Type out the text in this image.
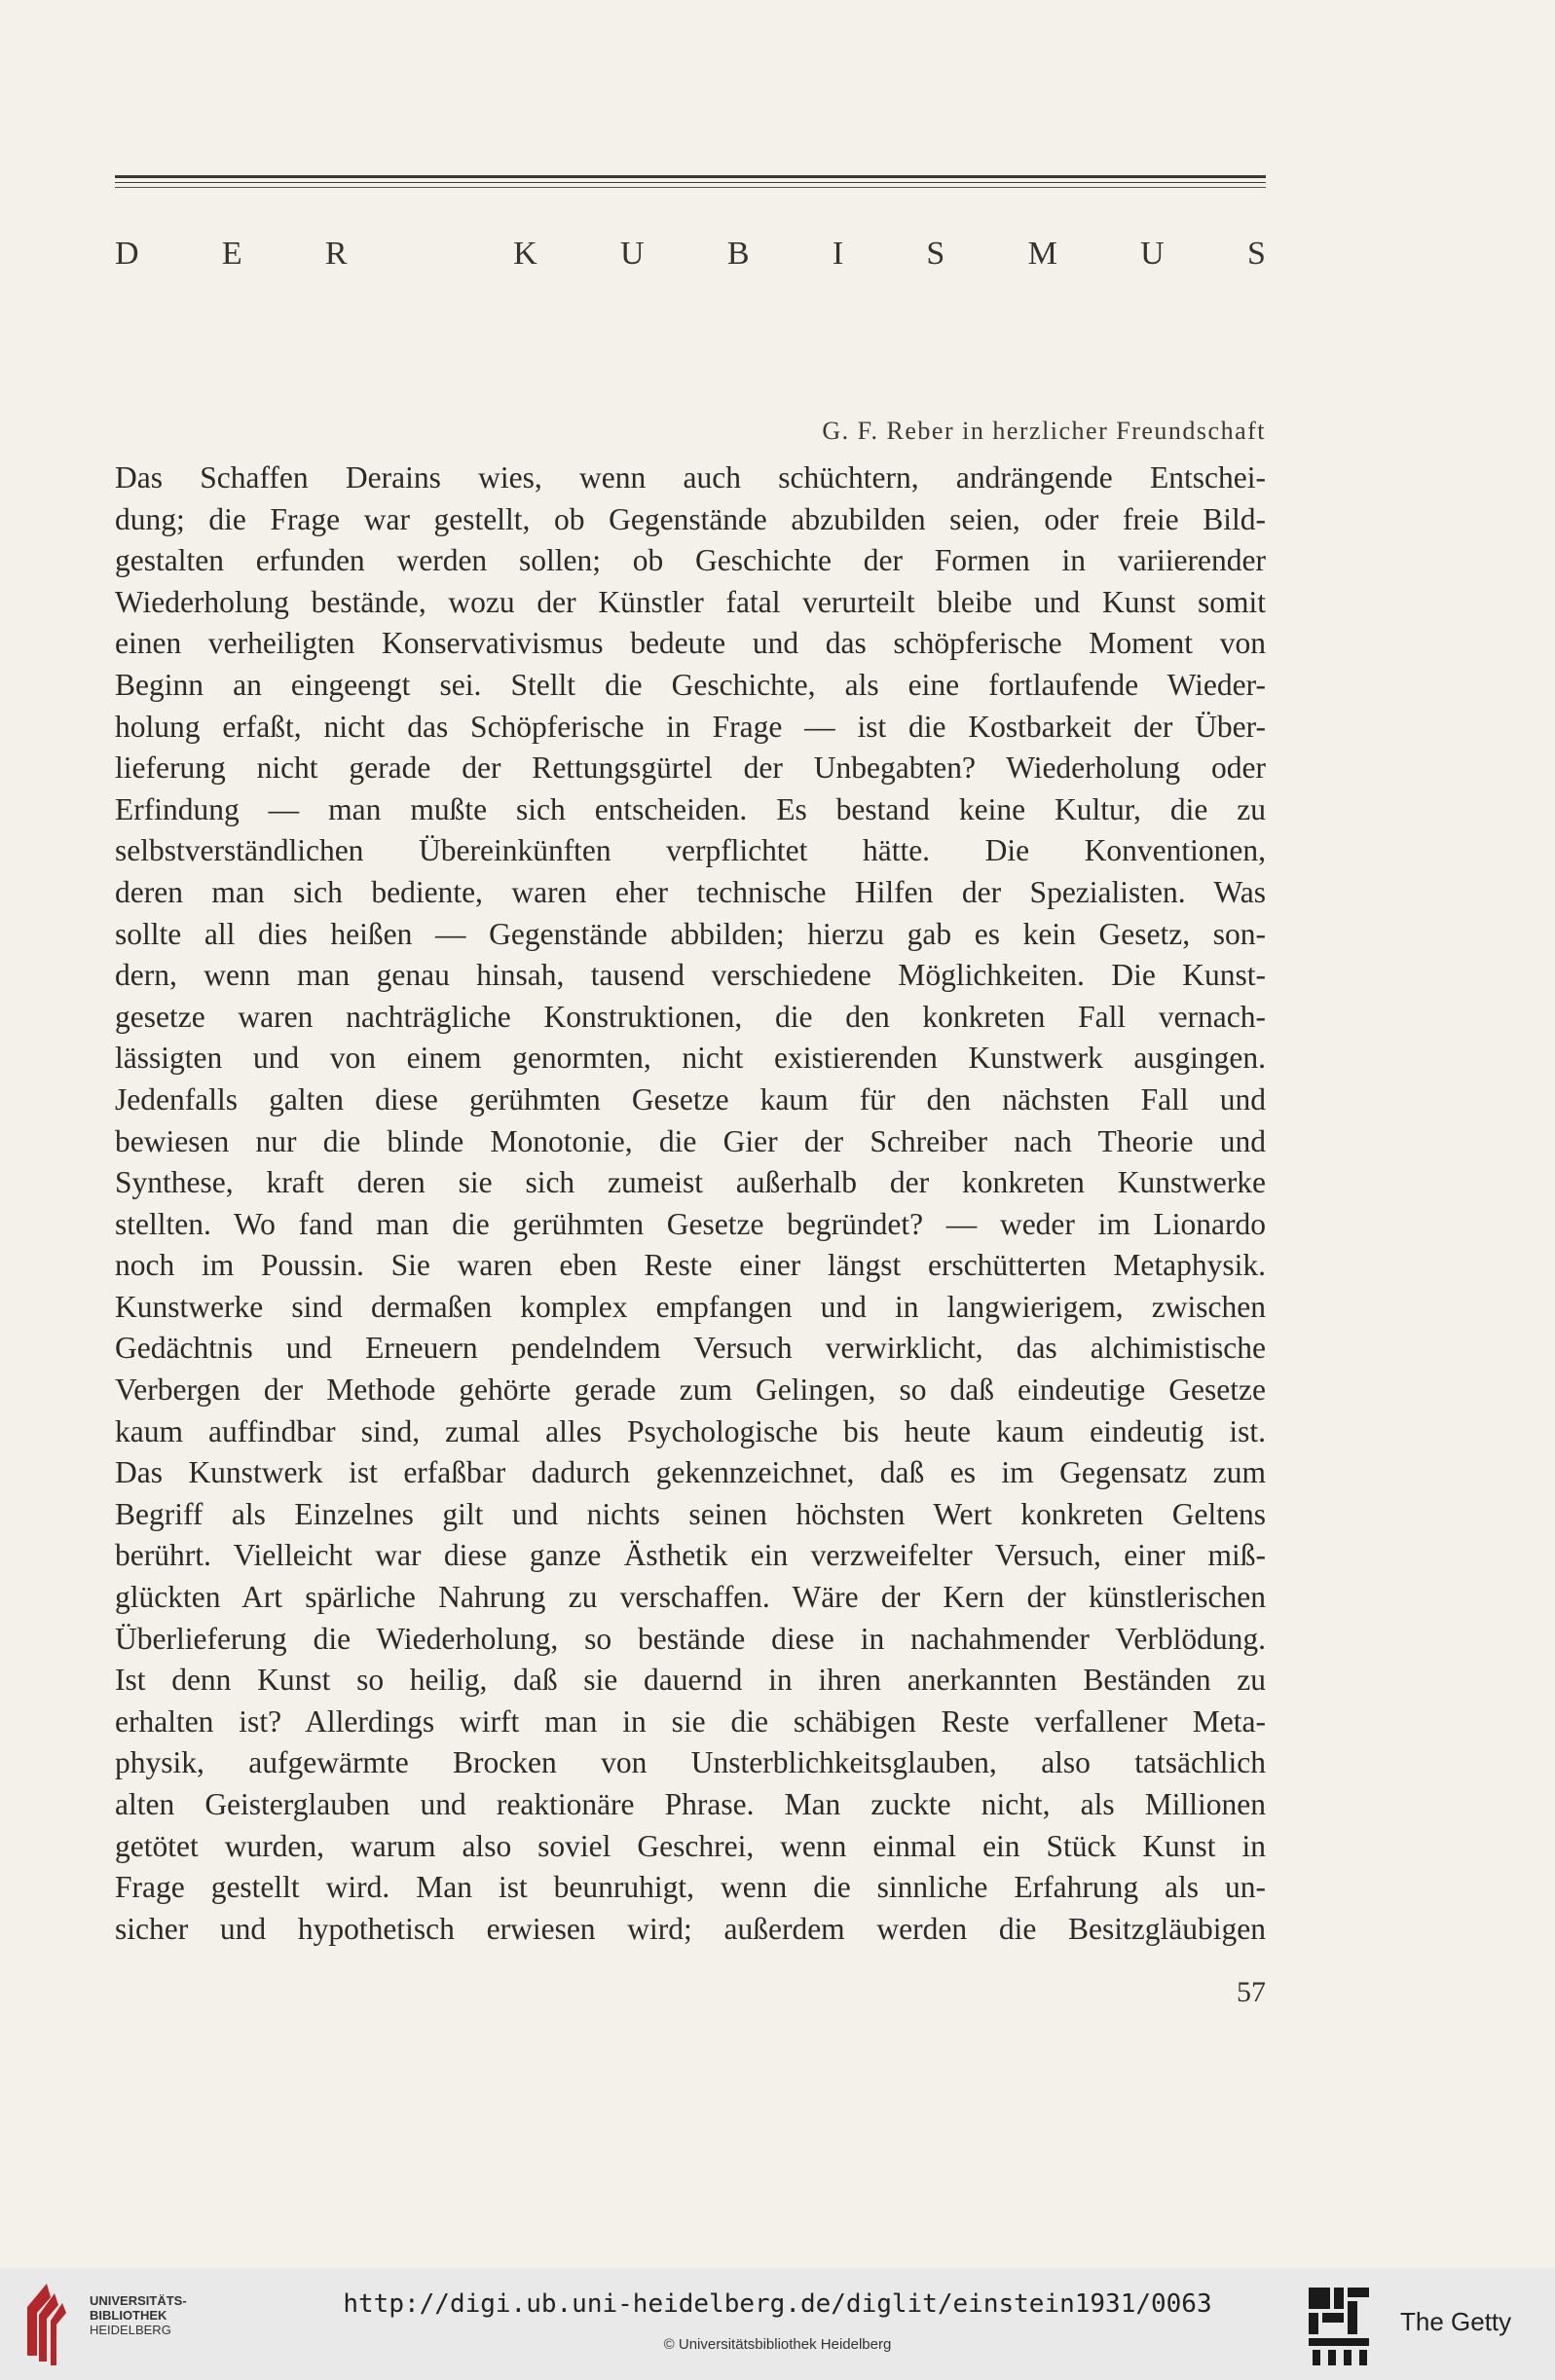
D	E	R	K	U	B	I	S	M	U	S
G. F. Reber in herzlicher Freundschaft
Das Schaffen Derains wies, wenn auch schüchtern, andrängende Entschei-
dung; die Frage war gestellt, ob Gegenstände abzubilden seien, oder freie Bild-
gestalten erfunden werden sollen; ob Geschichte der Formen in variierender
Wiederholung bestände, wozu der Künstler fatal verurteilt bleibe und Kunst somit
einen verheiligten Konservativismus bedeute und das schöpferische Moment von
Beginn an eingeengt sei. Stellt die Geschichte, als eine fortlaufende Wieder-
holung erfaßt, nicht das Schöpferische in Frage — ist die Kostbarkeit der Über-
lieferung nicht gerade der Rettungsgürtel der Unbegabten? Wiederholung oder
Erfindung — man mußte sich entscheiden. Es bestand keine Kultur, die zu
selbstverständlichen Übereinkünften verpflichtet hätte. Die Konventionen,
deren man sich bediente, waren eher technische Hilfen der Spezialisten. Was
sollte all dies heißen — Gegenstände abbilden; hierzu gab es kein Gesetz, son-
dern, wenn man genau hinsah, tausend verschiedene Möglichkeiten. Die Kunst-
gesetze waren nachträgliche Konstruktionen, die den konkreten Fall vernach-
lässigten und von einem genormten, nicht existierenden Kunstwerk ausgingen.
Jedenfalls galten diese gerühmten Gesetze kaum für den nächsten Fall und
bewiesen nur die blinde Monotonie, die Gier der Schreiber nach Theorie und
Synthese, kraft deren sie sich zumeist außerhalb der konkreten Kunstwerke
stellten. Wo fand man die gerühmten Gesetze begründet? — weder im Lionardo
noch im Poussin. Sie waren eben Reste einer längst erschütterten Metaphysik.
Kunstwerke sind dermaßen komplex empfangen und in langwierigem, zwischen
Gedächtnis und Erneuern pendelndem Versuch verwirklicht, das alchimistische
Verbergen der Methode gehörte gerade zum Gelingen, so daß eindeutige Gesetze
kaum auffindbar sind, zumal alles Psychologische bis heute kaum eindeutig ist.
Das Kunstwerk ist erfaßbar dadurch gekennzeichnet, daß es im Gegensatz zum
Begriff als Einzelnes gilt und nichts seinen höchsten Wert konkreten Geltens
berührt. Vielleicht war diese ganze Ästhetik ein verzweifelter Versuch, einer miß-
glückten Art spärliche Nahrung zu verschaffen. Wäre der Kern der künstlerischen
Überlieferung die Wiederholung, so bestände diese in nachahmender Verblödung.
Ist denn Kunst so heilig, daß sie dauernd in ihren anerkannten Beständen zu
erhalten ist? Allerdings wirft man in sie die schäbigen Reste verfallener Meta-
physik, aufgewärmte Brocken von Unsterblichkeitsglauben, also tatsächlich
alten Geisterglauben und reaktionäre Phrase. Man zuckte nicht, als Millionen
getötet wurden, warum also soviel Geschrei, wenn einmal ein Stück Kunst in
Frage gestellt wird. Man ist beunruhigt, wenn die sinnliche Erfahrung als un-
sicher und hypothetisch erwiesen wird; außerdem werden die Besitzgläubigen
57
UNIVERSITÄTS-
BIBLIOTHEK
HEIDELBERG
http://digi.ub.uni-heidelberg.de/diglit/einstein1931/0063
© Universitätsbibliothek Heidelberg
The Getty
